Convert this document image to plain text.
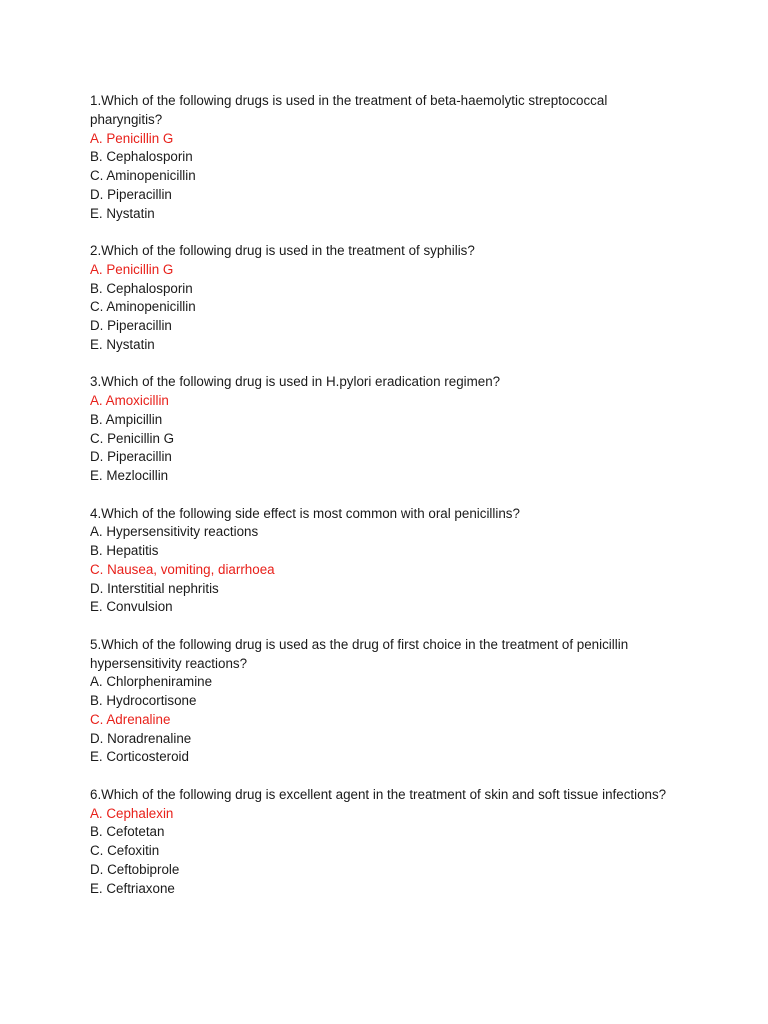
1.Which of the following drugs is used in the treatment of beta-haemolytic streptococcal pharyngitis?
A. Penicillin G
B. Cephalosporin
C. Aminopenicillin
D. Piperacillin
E. Nystatin
2.Which of the following drug is used in the treatment of syphilis?
A. Penicillin G
B. Cephalosporin
C. Aminopenicillin
D. Piperacillin
E. Nystatin
3.Which of the following drug is used in H.pylori eradication regimen?
A. Amoxicillin
B. Ampicillin
C. Penicillin G
D. Piperacillin
E. Mezlocillin
4.Which of the following side effect is most common with oral penicillins?
A. Hypersensitivity reactions
B. Hepatitis
C. Nausea, vomiting, diarrhoea
D. Interstitial nephritis
E. Convulsion
5.Which of the following drug is used as the drug of first choice in the treatment of penicillin hypersensitivity reactions?
A. Chlorpheniramine
B. Hydrocortisone
C. Adrenaline
D. Noradrenaline
E. Corticosteroid
6.Which of the following drug is excellent agent in the treatment of skin and soft tissue infections?
A. Cephalexin
B. Cefotetan
C. Cefoxitin
D. Ceftobiprole
E. Ceftriaxone
